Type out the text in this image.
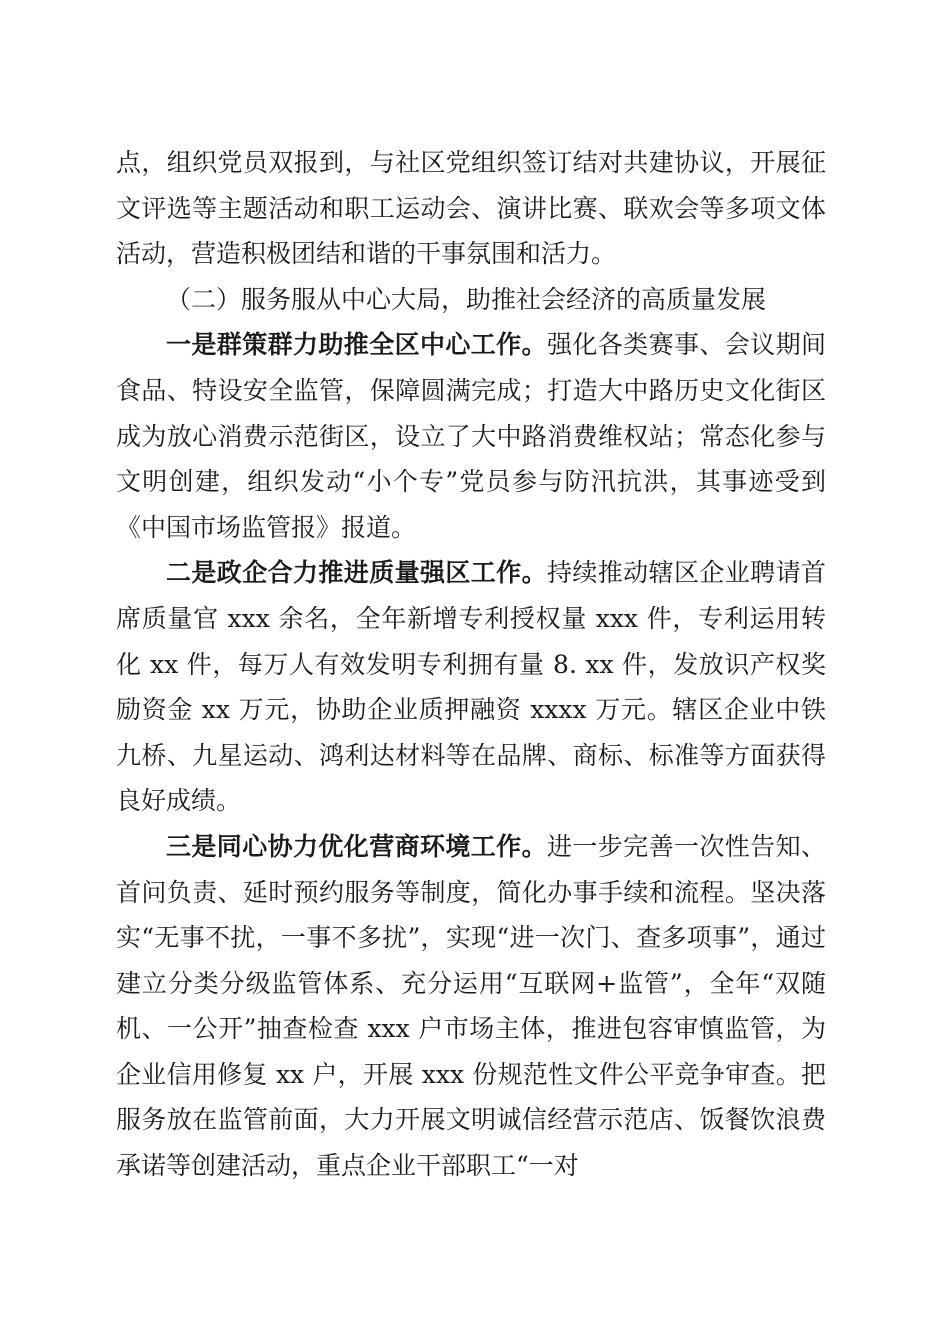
点，组织党员双报到，与社区党组织签订结对共建协议，开展征文评选等主题活动和职工运动会、演讲比赛、联欢会等多项文体活动，营造积极团结和谐的干事氛围和活力。

（二）服务服从中心大局，助推社会经济的高质量发展

一是群策群力助推全区中心工作。强化各类赛事、会议期间食品、特设安全监管，保障圆满完成；打造大中路历史文化街区成为放心消费示范街区，设立了大中路消费维权站；常态化参与文明创建，组织发动“小个专”党员参与防汛抗洪，其事迹受到《中国市场监管报》报道。

二是政企合力推进质量强区工作。持续推动辖区企业聘请首席质量官 xxx 余名，全年新增专利授权量 xxx 件，专利运用转化 xx 件，每万人有效发明专利拥有量 8. xx 件，发放识产权奖励资金 xx 万元，协助企业质押融资 xxxx 万元。辖区企业中铁九桥、九星运动、鸿利达材料等在品牌、商标、标准等方面获得良好成绩。

三是同心协力优化营商环境工作。进一步完善一次性告知、首问负责、延时预约服务等制度，简化办事手续和流程。坚决落实“无事不扰，一事不多扰”，实现“进一次门、查多项事”，通过建立分类分级监管体系、充分运用“互联网+监管”，全年“双随机、一公开”抽查检查 xxx 户市场主体，推进包容审慎监管，为企业信用修复 xx 户，开展 xxx 份规范性文件公平竞争审查。把服务放在监管前面，大力开展文明诚信经营示范店、饭餐饮浪费承诺等创建活动，重点企业干部职工“一对
